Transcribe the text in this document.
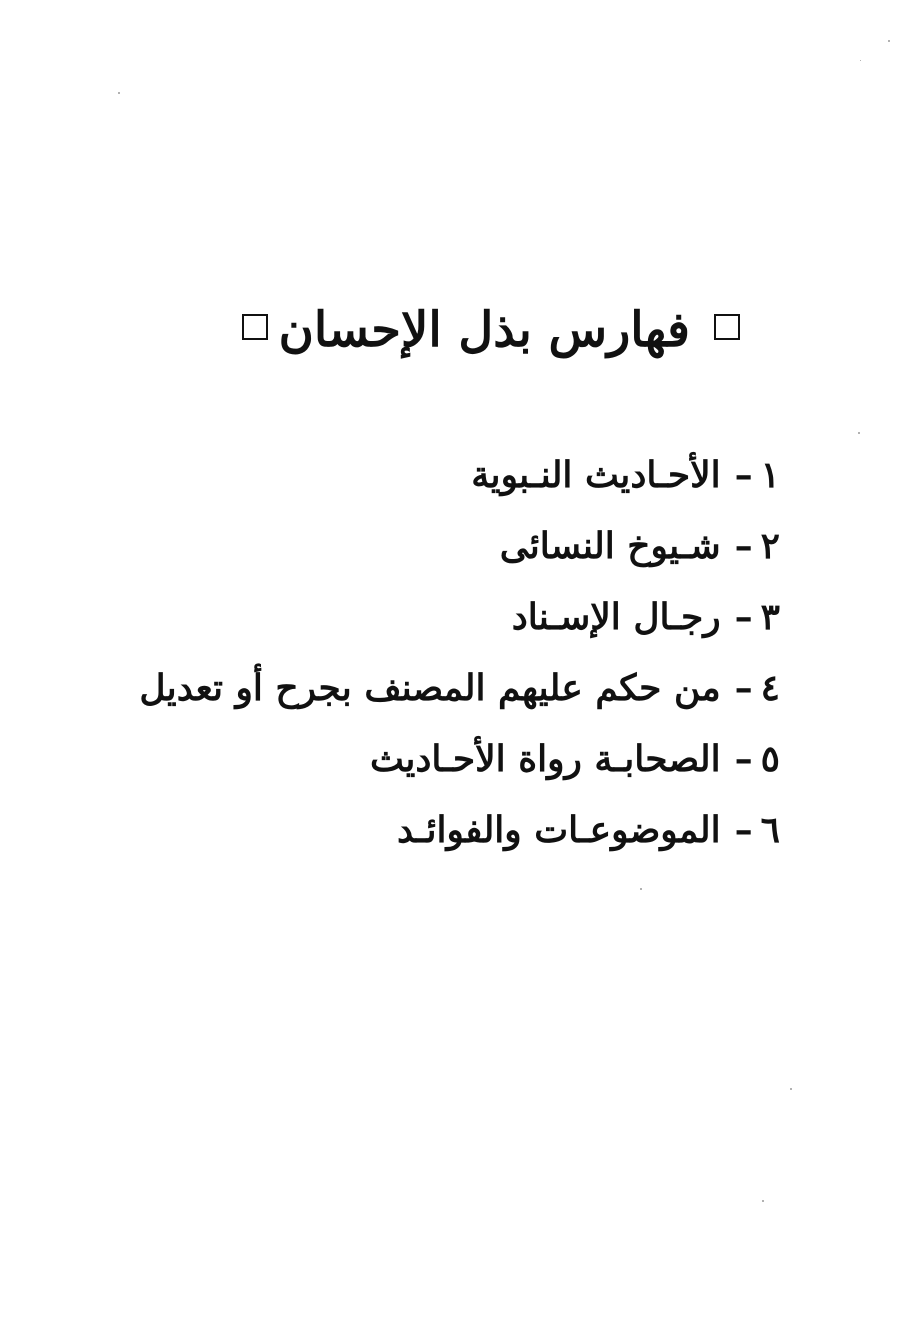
فهارس بذل الإحسان
١–الأحـاديث النـبوية
٢–شـيوخ النسائى
٣–رجـال الإسـناد
٤–من حكم عليهم المصنف بجرح أو تعديل
٥–الصحابـة رواة الأحـاديث
٦–الموضوعـات والفوائـد
